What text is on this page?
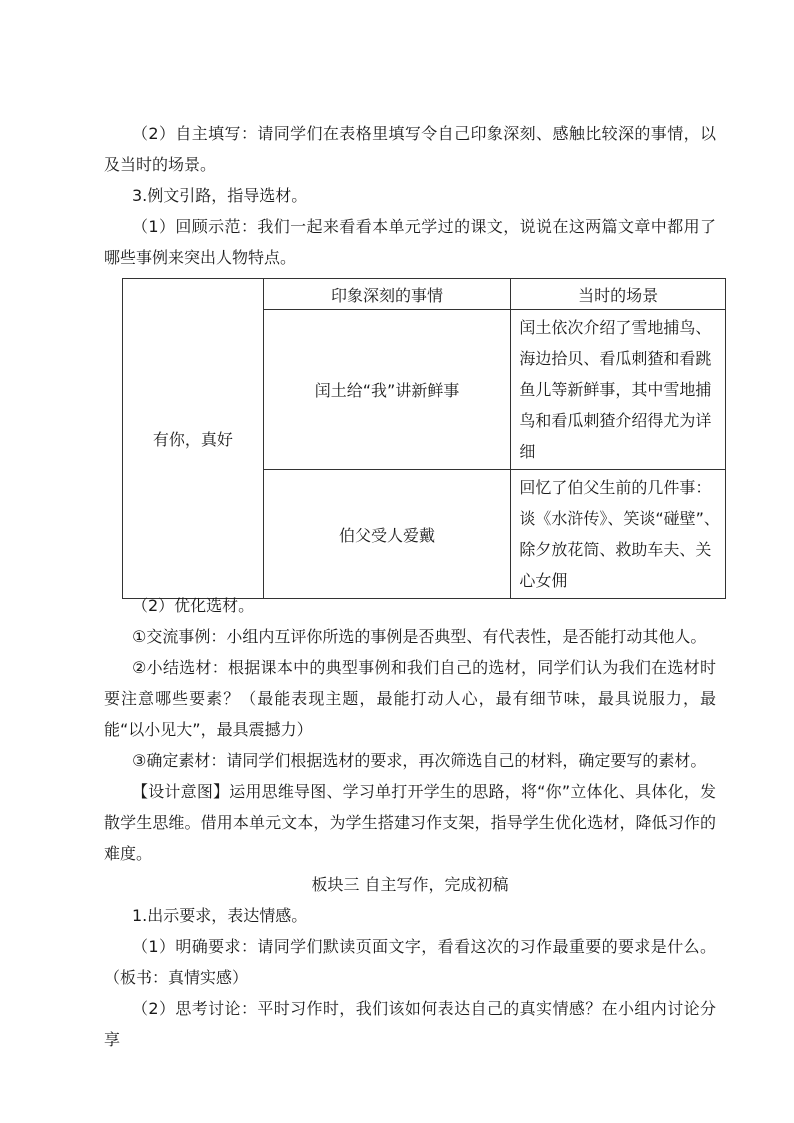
（2）自主填写：请同学们在表格里填写令自己印象深刻、感触比较深的事情，以及当时的场景。

3.例文引路，指导选材。

（1）回顾示范：我们一起来看看本单元学过的课文，说说在这两篇文章中都用了哪些事例来突出人物特点。

有你，真好	印象深刻的事情	当时的场景
	闰土给“我”讲新鲜事	闰土依次介绍了雪地捕鸟、海边拾贝、看瓜刺猹和看跳鱼儿等新鲜事，其中雪地捕鸟和看瓜刺猹介绍得尤为详细
	伯父受人爱戴	回忆了伯父生前的几件事：谈《水浒传》、笑谈“碰壁”、除夕放花筒、救助车夫、关心女佣

（2）优化选材。

①交流事例：小组内互评你所选的事例是否典型、有代表性，是否能打动其他人。

②小结选材：根据课本中的典型事例和我们自己的选材，同学们认为我们在选材时要注意哪些要素？（最能表现主题，最能打动人心，最有细节味，最具说服力，最能“以小见大”，最具震撼力）

③确定素材：请同学们根据选材的要求，再次筛选自己的材料，确定要写的素材。

【设计意图】运用思维导图、学习单打开学生的思路，将“你”立体化、具体化，发散学生思维。借用本单元文本，为学生搭建习作支架，指导学生优化选材，降低习作的难度。

板块三 自主写作，完成初稿

1.出示要求，表达情感。

（1）明确要求：请同学们默读页面文字，看看这次的习作最重要的要求是什么。（板书：真情实感）

（2）思考讨论：平时习作时，我们该如何表达自己的真实情感？在小组内讨论分享
